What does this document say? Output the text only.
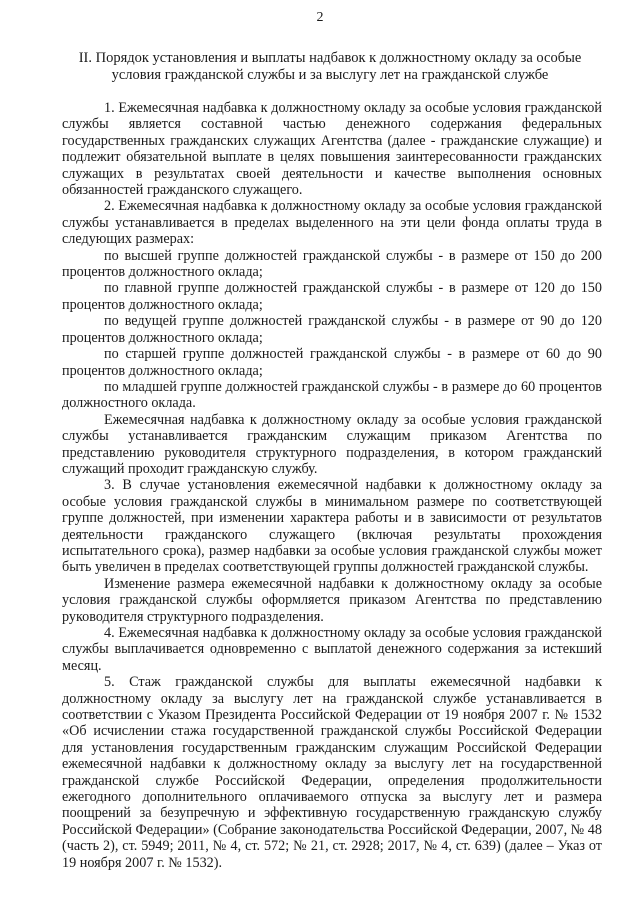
2
II. Порядок установления и выплаты надбавок к должностному окладу за особые условия гражданской службы и за выслугу лет на гражданской службе

1. Ежемесячная надбавка к должностному окладу за особые условия гражданской службы является составной частью денежного содержания федеральных государственных гражданских служащих Агентства (далее - гражданские служащие) и подлежит обязательной выплате в целях повышения заинтересованности гражданских служащих в результатах своей деятельности и качестве выполнения основных обязанностей гражданского служащего.

2. Ежемесячная надбавка к должностному окладу за особые условия гражданской службы устанавливается в пределах выделенного на эти цели фонда оплаты труда в следующих размерах:

по высшей группе должностей гражданской службы - в размере от 150 до 200 процентов должностного оклада;

по главной группе должностей гражданской службы - в размере от 120 до 150 процентов должностного оклада;

по ведущей группе должностей гражданской службы - в размере от 90 до 120 процентов должностного оклада;

по старшей группе должностей гражданской службы - в размере от 60 до 90 процентов должностного оклада;

по младшей группе должностей гражданской службы - в размере до 60 процентов должностного оклада.

Ежемесячная надбавка к должностному окладу за особые условия гражданской службы устанавливается гражданским служащим приказом Агентства по представлению руководителя структурного подразделения, в котором гражданский служащий проходит гражданскую службу.

3. В случае установления ежемесячной надбавки к должностному окладу за особые условия гражданской службы в минимальном размере по соответствующей группе должностей, при изменении характера работы и в зависимости от результатов деятельности гражданского служащего (включая результаты прохождения испытательного срока), размер надбавки за особые условия гражданской службы может быть увеличен в пределах соответствующей группы должностей гражданской службы.

Изменение размера ежемесячной надбавки к должностному окладу за особые условия гражданской службы оформляется приказом Агентства по представлению руководителя структурного подразделения.

4. Ежемесячная надбавка к должностному окладу за особые условия гражданской службы выплачивается одновременно с выплатой денежного содержания за истекший месяц.

5. Стаж гражданской службы для выплаты ежемесячной надбавки к должностному окладу за выслугу лет на гражданской службе устанавливается в соответствии с Указом Президента Российской Федерации от 19 ноября 2007 г. № 1532 «Об исчислении стажа государственной гражданской службы Российской Федерации для установления государственным гражданским служащим Российской Федерации ежемесячной надбавки к должностному окладу за выслугу лет на государственной гражданской службе Российской Федерации, определения продолжительности ежегодного дополнительного оплачиваемого отпуска за выслугу лет и размера поощрений за безупречную и эффективную государственную гражданскую службу Российской Федерации» (Собрание законодательства Российской Федерации, 2007, № 48 (часть 2), ст. 5949; 2011, № 4, ст. 572; № 21, ст. 2928; 2017, № 4, ст. 639) (далее – Указ от 19 ноября 2007 г. № 1532).
